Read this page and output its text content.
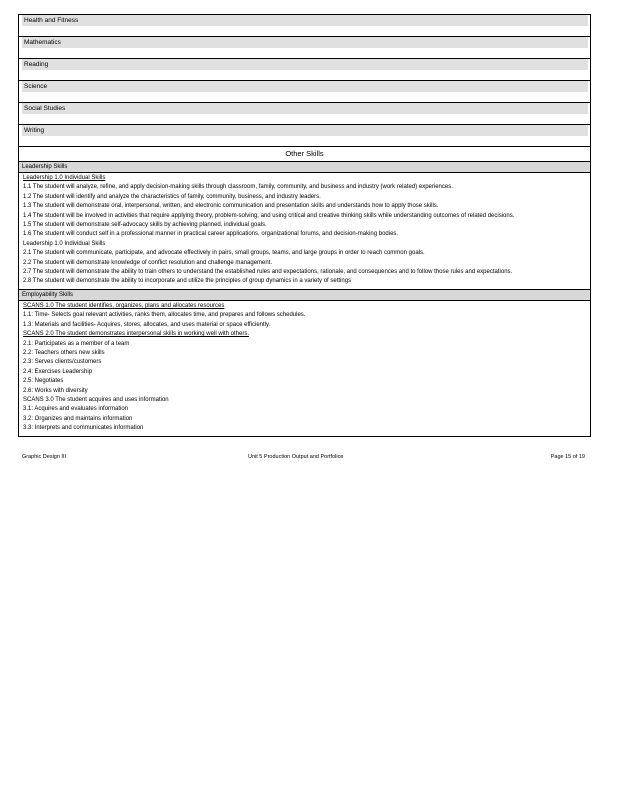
Health and Fitness
Mathematics
Reading
Science
Social Studies
Writing
Other Skills
Leadership Skills
Leadership 1.0 Individual Skills
1.1 The student will analyze, refine, and apply decision-making skills through classroom, family, community, and business and industry (work related) experiences.
1.2 The student will identify and analyze the characteristics of family, community, business, and industry leaders.
1.3 The student will demonstrate oral, interpersonal, written, and electronic communication and presentation skills and understands how to apply those skills.
1.4 The student will be involved in activities that require applying theory, problem-solving, and using critical and creative thinking skills while understanding outcomes of related decisions.
1.5 The student will demonstrate self-advocacy skills by achieving planned, individual goals.
1.6 The student will conduct self in a professional manner in practical career applications, organizational forums, and decision-making bodies.
Leadership 1.0 Individual Skills
2.1 The student will communicate, participate, and advocate effectively in pairs, small groups, teams, and large groups in order to reach common goals.
2.2 The student will demonstrate knowledge of conflict resolution and challenge management.
2.7 The student will demonstrate the ability to train others to understand the established rules and expectations, rationale, and consequences and to follow those rules and expectations.
2.8 The student will demonstrate the ability to incorporate and utilize the principles of group dynamics in a variety of settings
Employability Skills
SCANS 1.0 The student identifies, organizes, plans and allocates resources
1.1: Time- Selects goal relevant activities, ranks them, allocates time, and prepares and follows schedules.
1.3: Materials and facilities- Acquires, stores, allocates, and uses material or space efficiently.
SCANS 2.0 The student demonstrates interpersonal skills in working well with others.
2.1: Participates as a member of a team
2.2: Teachers others new skills
2.3: Serves clients/customers
2.4: Exercises Leadership
2.5: Negotiates
2.6: Works with diversity
SCANS 3.0 The student acquires and uses information
3.1: Acquires and evaluates information
3.2: Organizes and maintains information
3.3: Interprets and communicates information
Graphic Design III	Unit 5 Production Output and Portfolios	Page 15 of 19
